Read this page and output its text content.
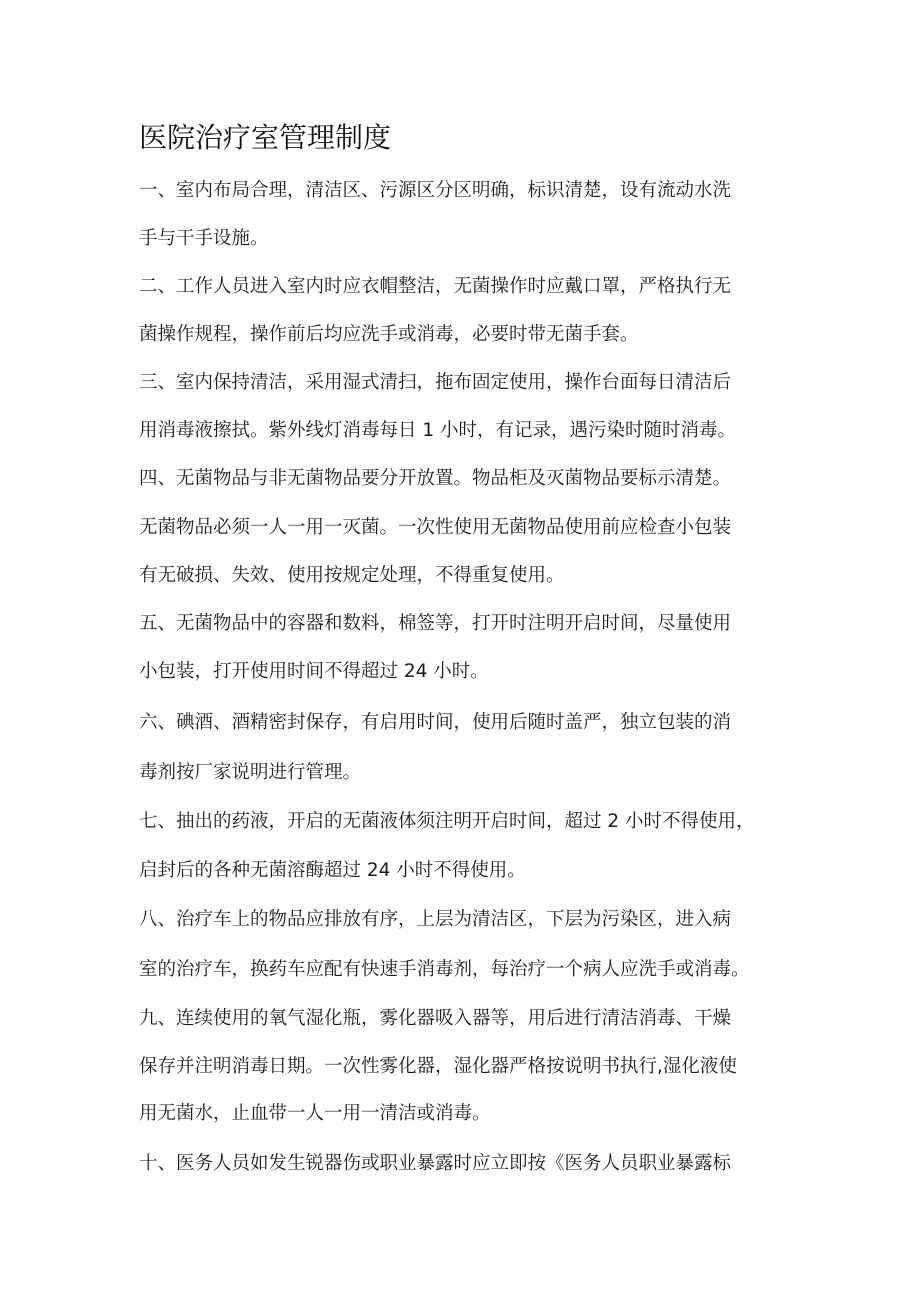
医院治疗室管理制度

一、室内布局合理，清洁区、污源区分区明确，标识清楚，设有流动水洗

手与干手设施。

二、工作人员进入室内时应衣帽整洁，无菌操作时应戴口罩，严格执行无

菌操作规程，操作前后均应洗手或消毒，必要时带无菌手套。

三、室内保持清洁，采用湿式清扫，拖布固定使用，操作台面每日清洁后

用消毒液擦拭。紫外线灯消毒每日 1 小时，有记录，遇污染时随时消毒。

四、无菌物品与非无菌物品要分开放置。物品柜及灭菌物品要标示清楚。

无菌物品必须一人一用一灭菌。一次性使用无菌物品使用前应检查小包装

有无破损、失效、使用按规定处理，不得重复使用。

五、无菌物品中的容器和数料，棉签等，打开时注明开启时间，尽量使用

小包装，打开使用时间不得超过 24 小时。

六、碘酒、酒精密封保存，有启用时间，使用后随时盖严，独立包装的消

毒剂按厂家说明进行管理。

七、抽出的药液，开启的无菌液体须注明开启时间，超过 2 小时不得使用，

启封后的各种无菌溶酶超过 24 小时不得使用。

八、治疗车上的物品应排放有序，上层为清洁区，下层为污染区，进入病

室的治疗车，换药车应配有快速手消毒剂，每治疗一个病人应洗手或消毒。

九、连续使用的氧气湿化瓶，雾化器吸入器等，用后进行清洁消毒、干燥

保存并注明消毒日期。一次性雾化器，湿化器严格按说明书执行,湿化液使

用无菌水，止血带一人一用一清洁或消毒。

十、医务人员如发生锐器伤或职业暴露时应立即按《医务人员职业暴露标
